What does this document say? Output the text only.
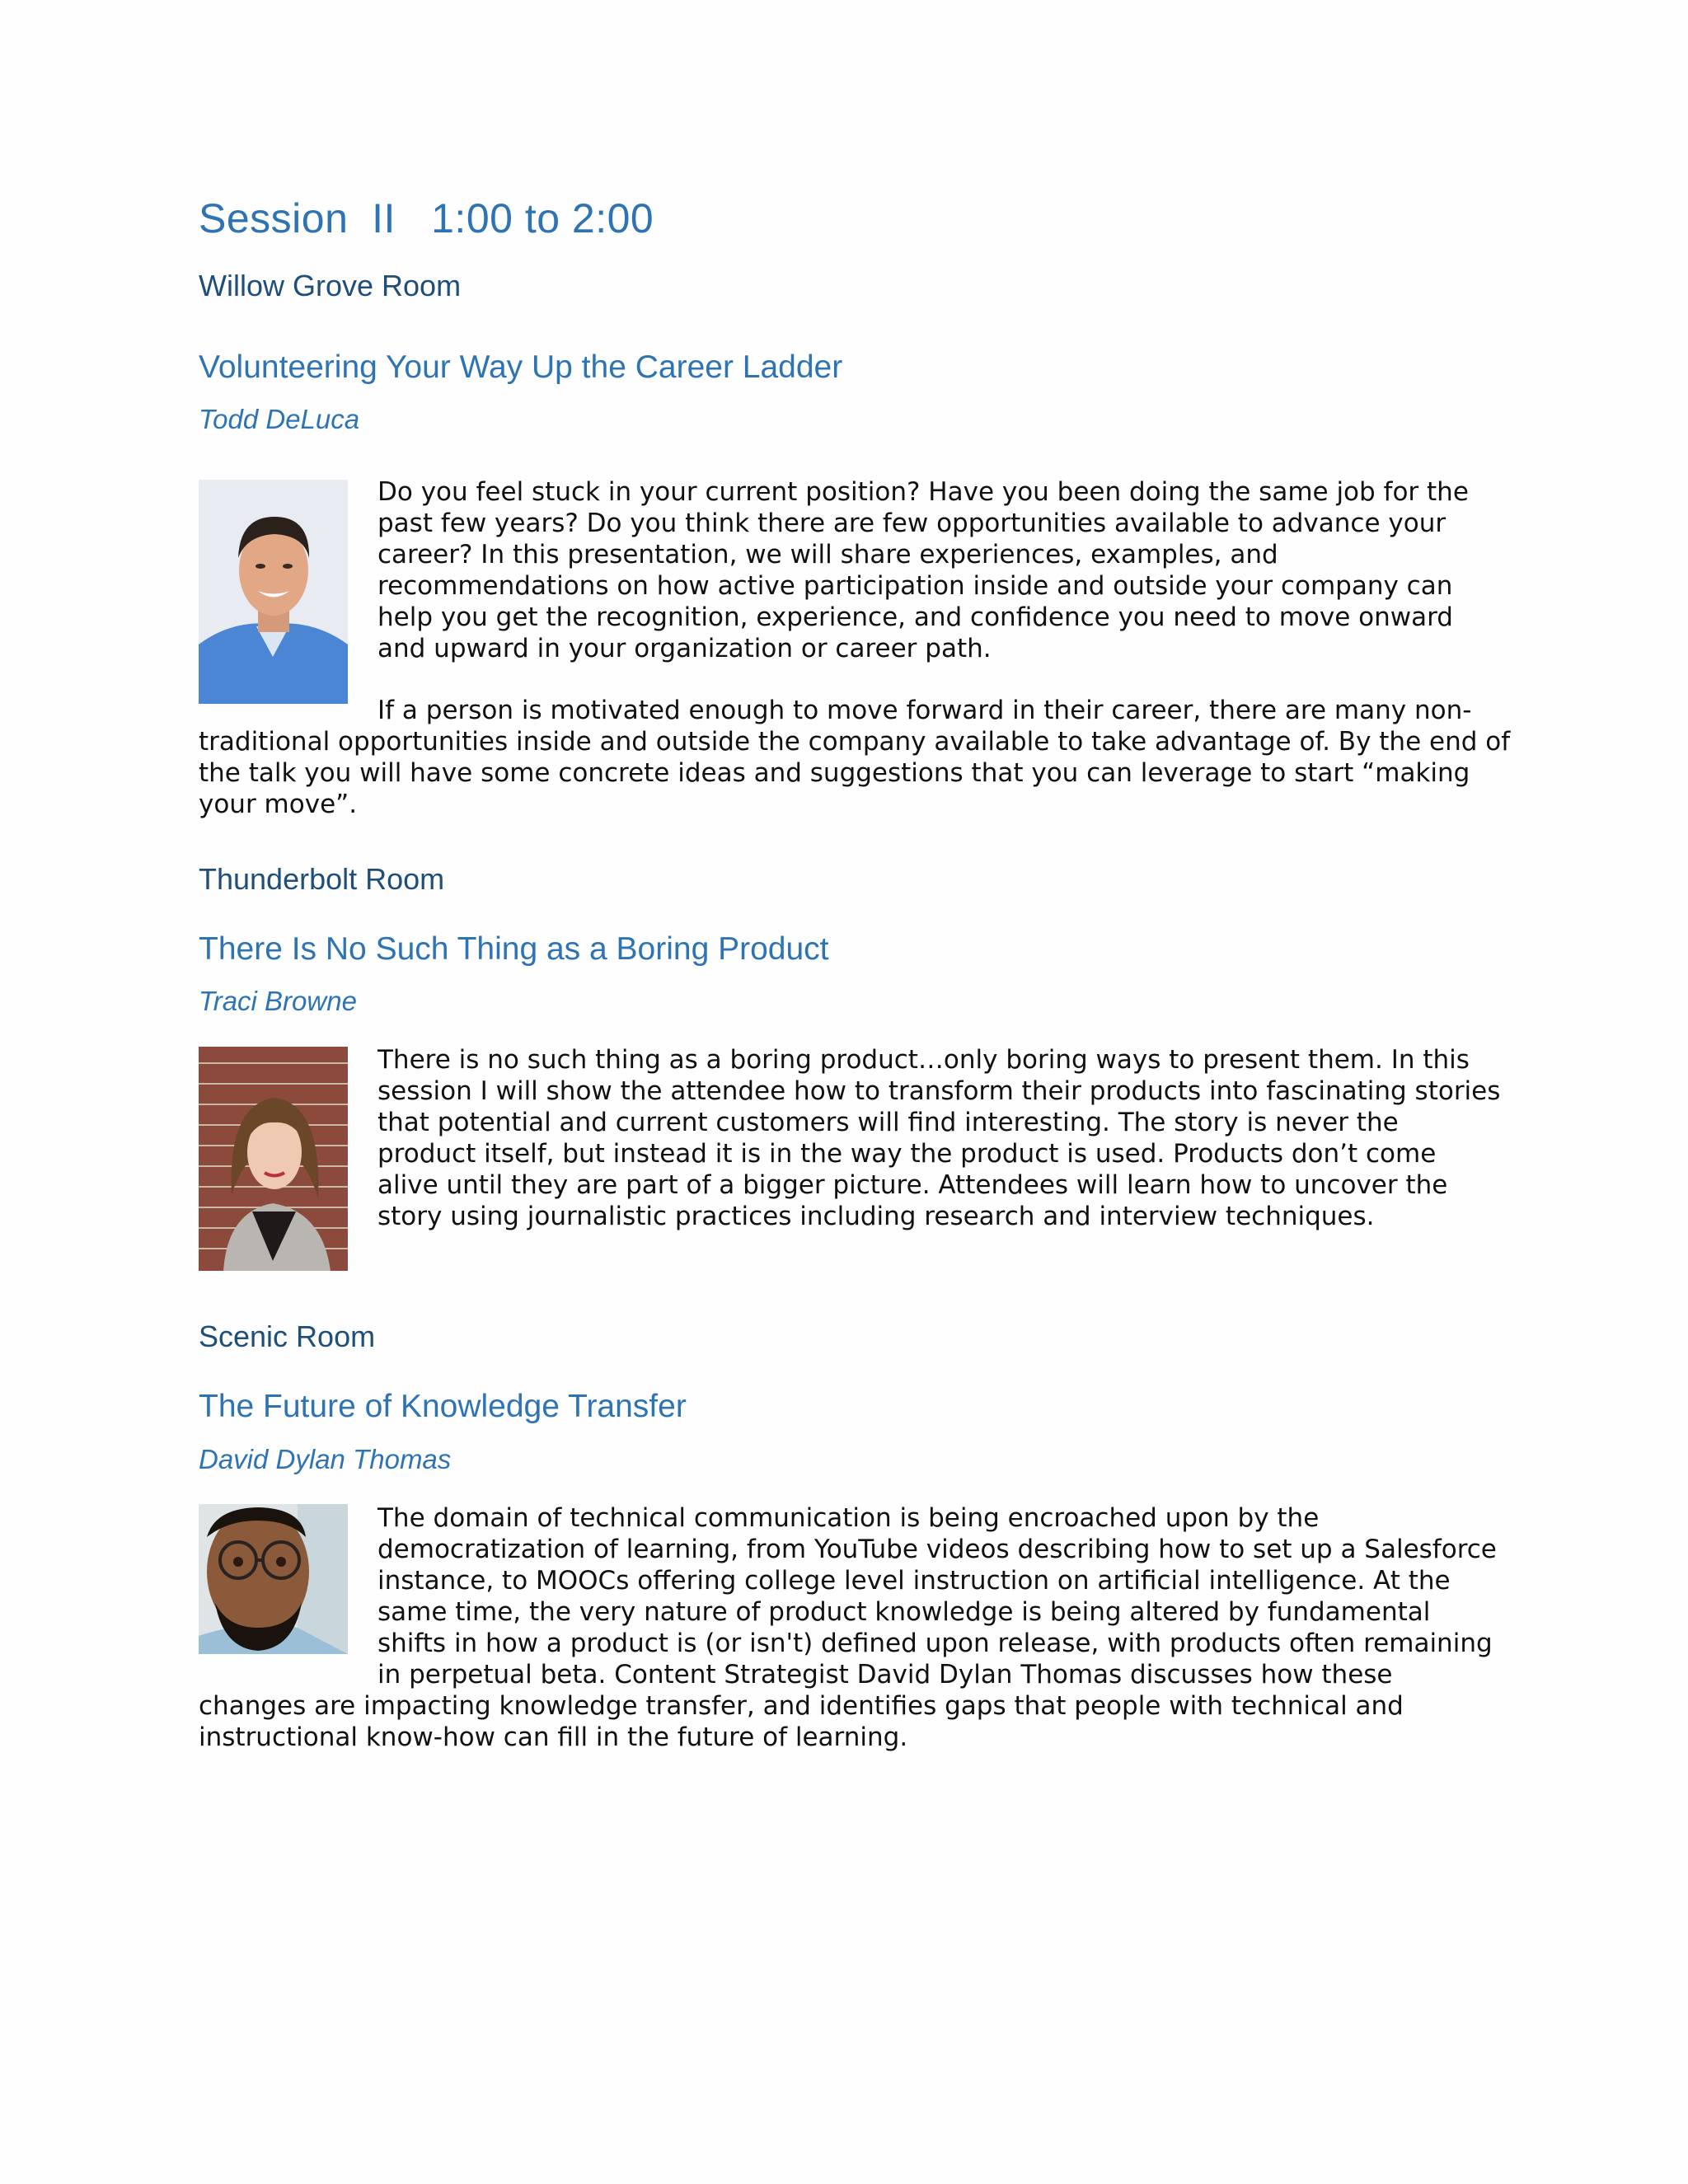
Session  II   1:00 to 2:00
Willow Grove Room
Volunteering Your Way Up the Career Ladder

Todd DeLuca

Do you feel stuck in your current position? Have you been doing the same job for the
past few years? Do you think there are few opportunities available to advance your
career? In this presentation, we will share experiences, examples, and
recommendations on how active participation inside and outside your company can
help you get the recognition, experience, and confidence you need to move onward
and upward in your organization or career path.
If a person is motivated enough to move forward in their career, there are many non-
traditional opportunities inside and outside the company available to take advantage of. By the end of
the talk you will have some concrete ideas and suggestions that you can leverage to start “making
your move”.
Thunderbolt Room
There Is No Such Thing as a Boring Product

Traci Browne

There is no such thing as a boring product…only boring ways to present them. In this
session I will show the attendee how to transform their products into fascinating stories
that potential and current customers will find interesting. The story is never the
product itself, but instead it is in the way the product is used. Products don’t come
alive until they are part of a bigger picture. Attendees will learn how to uncover the
story using journalistic practices including research and interview techniques.
Scenic Room
The Future of Knowledge Transfer

David Dylan Thomas

The domain of technical communication is being encroached upon by the
democratization of learning, from YouTube videos describing how to set up a Salesforce
instance, to MOOCs offering college level instruction on artificial intelligence. At the
same time, the very nature of product knowledge is being altered by fundamental
shifts in how a product is (or isn't) defined upon release, with products often remaining
in perpetual beta. Content Strategist David Dylan Thomas discusses how these
changes are impacting knowledge transfer, and identifies gaps that people with technical and
instructional know-how can fill in the future of learning.
